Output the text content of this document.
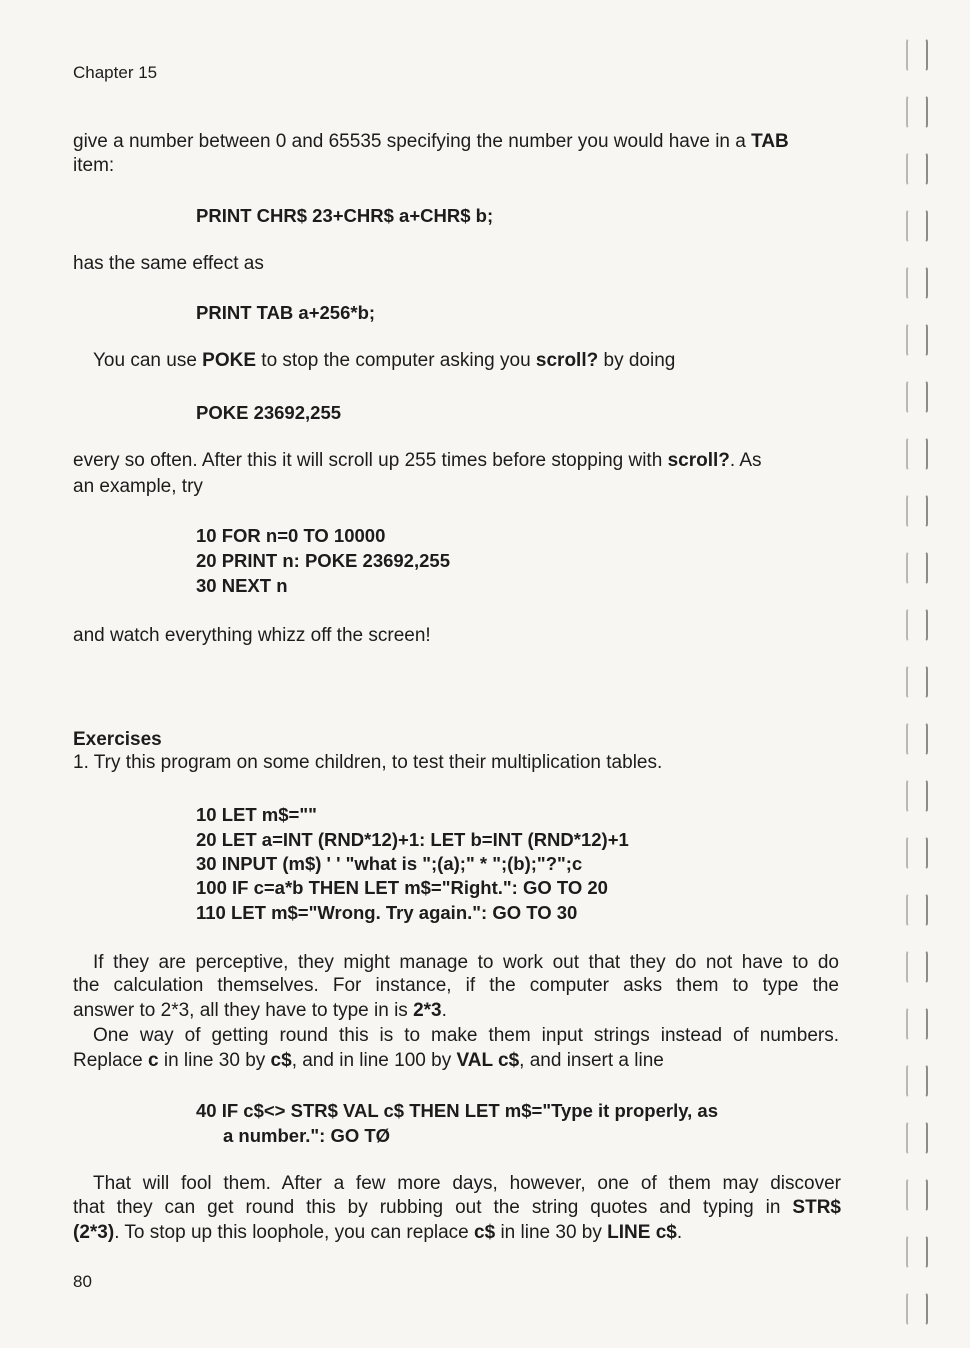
Chapter 15
give a number between 0 and 65535 specifying the number you would have in a TAB
item:
PRINT CHR$ 23+CHR$ a+CHR$ b;
has the same effect as
PRINT TAB a+256*b;
You can use POKE to stop the computer asking you scroll? by doing
POKE 23692,255
every so often. After this it will scroll up 255 times before stopping with scroll?. As
an example, try
10 FOR n=0 TO 10000
20 PRINT n: POKE 23692,255
30 NEXT n
and watch everything whizz off the screen!
Exercises
1. Try this program on some children, to test their multiplication tables.
10 LET m$=""
20 LET a=INT (RND*12)+1: LET b=INT (RND*12)+1
30 INPUT (m$) ' ' "what is ";(a);" * ";(b);"?";c
100 IF c=a*b THEN LET m$="Right.": GO TO 20
110 LET m$="Wrong. Try again.": GO TO 30
If they are perceptive, they might manage to work out that they do not have to do
the calculation themselves. For instance, if the computer asks them to type the
answer to 2*3, all they have to type in is 2*3.
One way of getting round this is to make them input strings instead of numbers.
Replace c in line 30 by c$, and in line 100 by VAL c$, and insert a line
40 IF c$<> STR$ VAL c$ THEN LET m$="Type it properly, as
a number.": GO TØ
That will fool them. After a few more days, however, one of them may discover
that they can get round this by rubbing out the string quotes and typing in STR$
(2*3). To stop up this loophole, you can replace c$ in line 30 by LINE c$.
80
